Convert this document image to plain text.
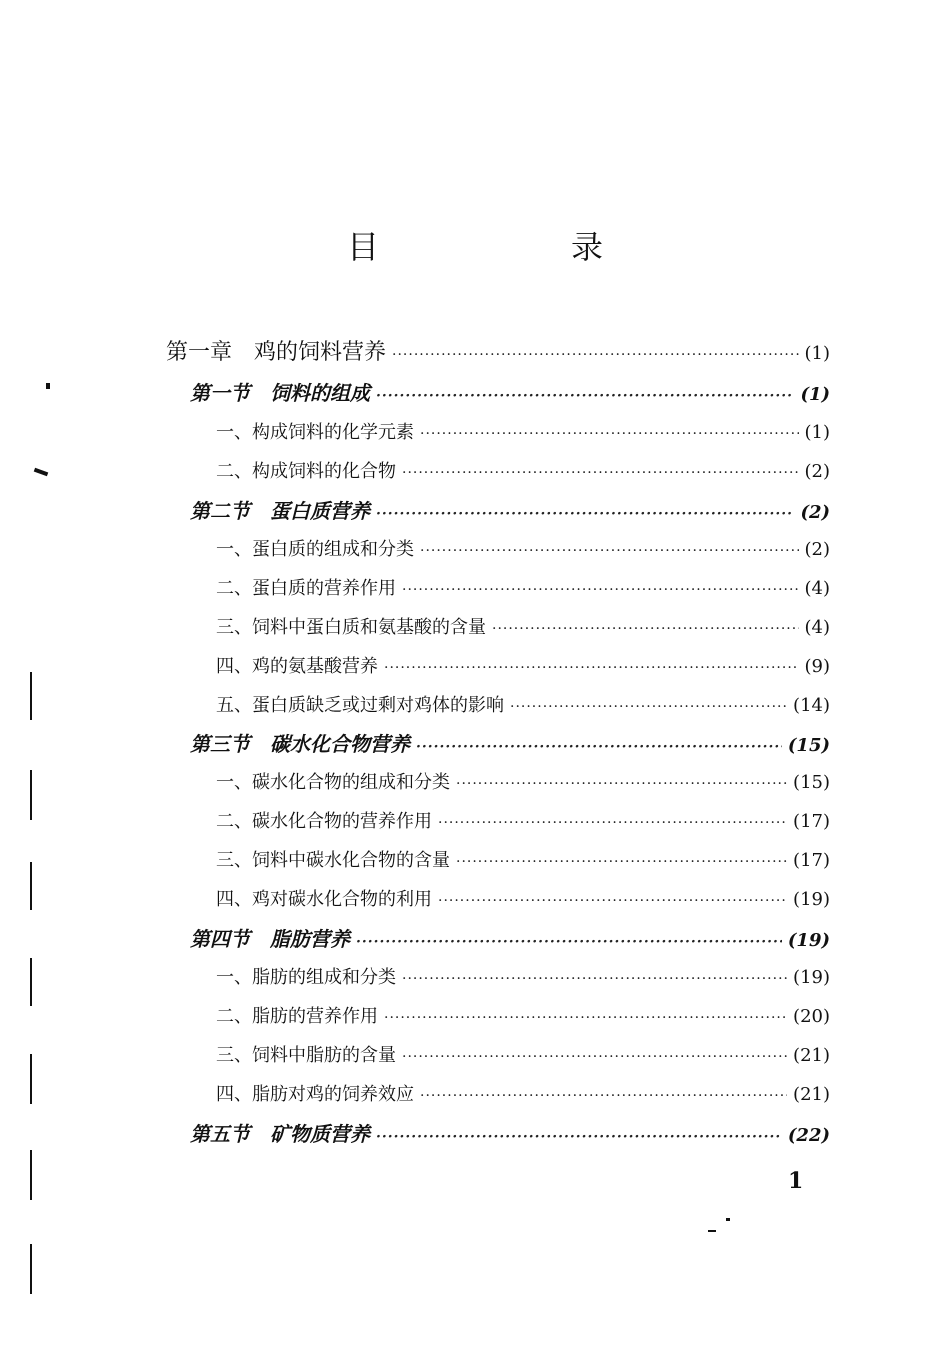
目　录
第一章　鸡的饲料营养 ·····	(1)
第一节　饲料的组成 ·····	(1)
一、构成饲料的化学元素 ·····	(1)
二、构成饲料的化合物 ·····	(2)
第二节　蛋白质营养 ·····	(2)
一、蛋白质的组成和分类 ·····	(2)
二、蛋白质的营养作用 ·····	(4)
三、饲料中蛋白质和氨基酸的含量 ·····	(4)
四、鸡的氨基酸营养 ·····	(9)
五、蛋白质缺乏或过剩对鸡体的影响 ·····	(14)
第三节　碳水化合物营养 ·····	(15)
一、碳水化合物的组成和分类 ·····	(15)
二、碳水化合物的营养作用 ·····	(17)
三、饲料中碳水化合物的含量 ·····	(17)
四、鸡对碳水化合物的利用 ·····	(19)
第四节　脂肪营养 ·····	(19)
一、脂肪的组成和分类 ·····	(19)
二、脂肪的营养作用 ·····	(20)
三、饲料中脂肪的含量 ·····	(21)
四、脂肪对鸡的饲养效应 ·····	(21)
第五节　矿物质营养 ·····	(22)
1
